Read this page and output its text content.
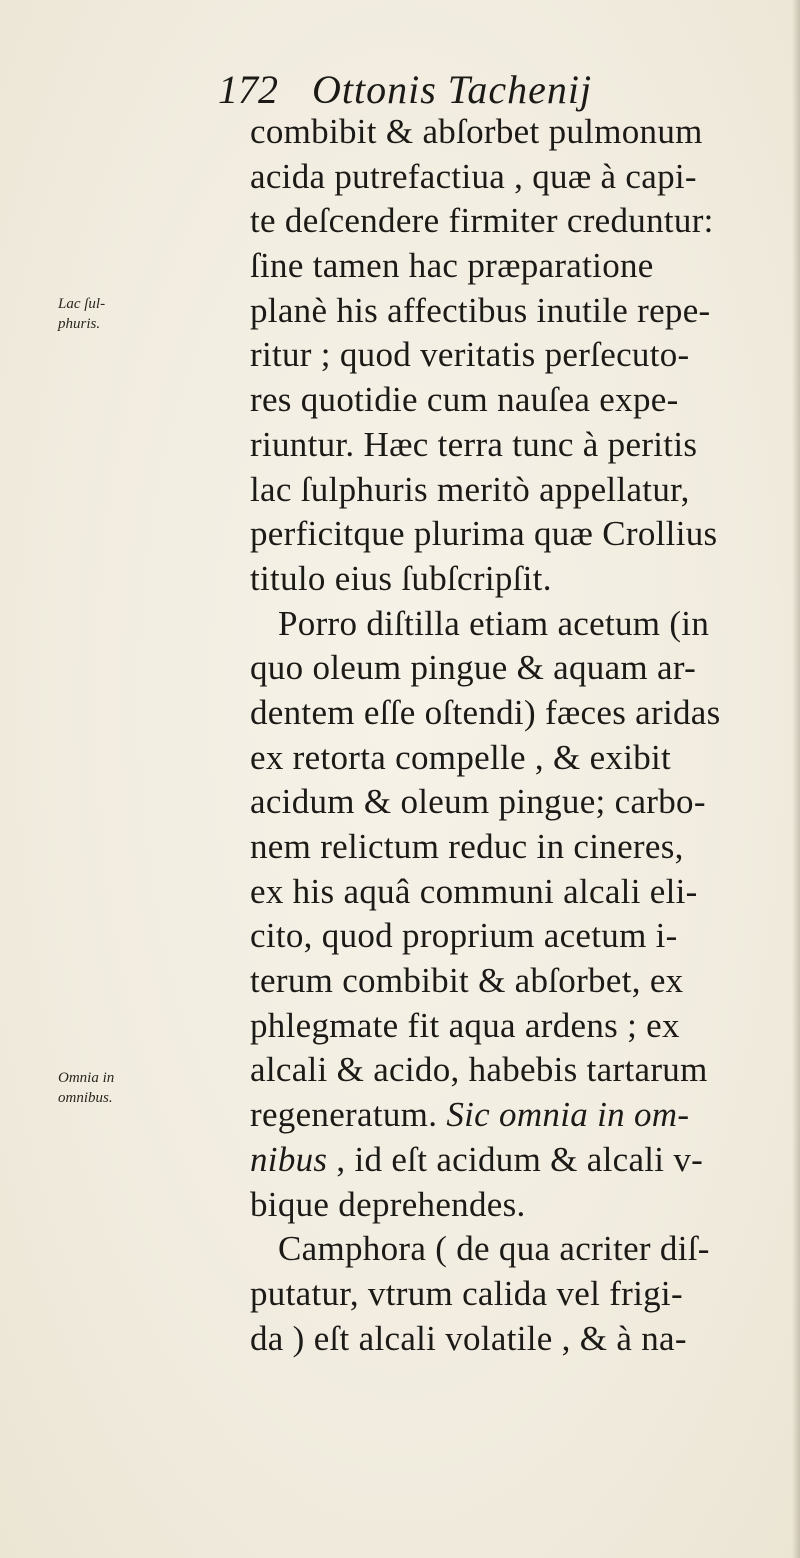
172 Ottonis Tachenij
Lac ſul-
phuris.
Omnia in
omnibus.
combibit & abſorbet pulmonum
acida putrefactiua , quæ à capi-
te deſcendere firmiter creduntur:
ſine tamen hac præparatione
planè his affectibus inutile repe-
ritur ; quod veritatis perſecuto-
res quotidie cum nauſea expe-
riuntur. Hæc terra tunc à peritis
lac ſulphuris meritò appellatur,
perficitque plurima quæ Crollius
titulo eius ſubſcripſit.
Porro diſtilla etiam acetum (in
quo oleum pingue & aquam ar-
dentem eſſe oſtendi) fæces aridas
ex retorta compelle , & exibit
acidum & oleum pingue; carbo-
nem relictum reduc in cineres,
ex his aquâ communi alcali eli-
cito, quod proprium acetum i-
terum combibit & abſorbet, ex
phlegmate fit aqua ardens ; ex
alcali & acido, habebis tartarum
regeneratum. Sic omnia in om-
nibus , id eſt acidum & alcali v-
bique deprehendes.
Camphora ( de qua acriter diſ-
putatur, vtrum calida vel frigi-
da ) eſt alcali volatile , & à na-
